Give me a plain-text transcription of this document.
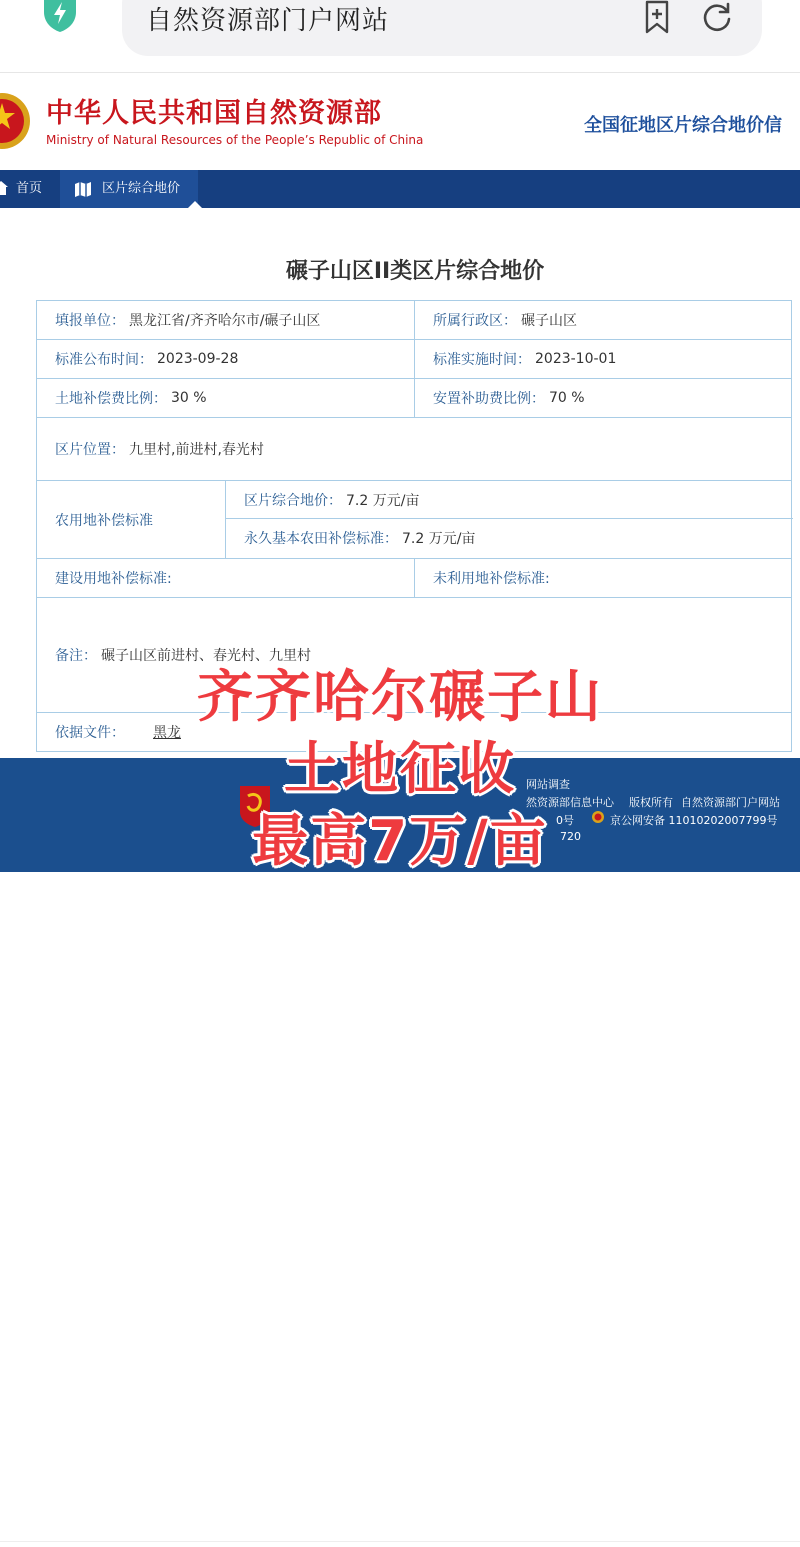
自然资源部门户网站
中华人民共和国自然资源部
Ministry of Natural Resources of the People’s Republic of China
全国征地区片综合地价信
首页	区片综合地价
碾子山区II类区片综合地价
填报单位： 黑龙江省/齐齐哈尔市/碾子山区	所属行政区： 碾子山区
标准公布时间： 2023-09-28	标准实施时间： 2023-10-01
土地补偿费比例： 30 %	安置补助费比例： 70 %
区片位置： 九里村,前进村,春光村
农用地补偿标准
区片综合地价： 7.2 万元/亩
永久基本农田补偿标准： 7.2 万元/亩
建设用地补偿标准:	未利用地补偿标准:
备注： 碾子山区前进村、春光村、九里村
依据文件： 黑龙
网站调查
然资源部信息中心 版权所有 自然资源部门户网站
0号	京公网安备 11010202007799号
720
齐齐哈尔碾子山
土地征收
最高7万/亩
